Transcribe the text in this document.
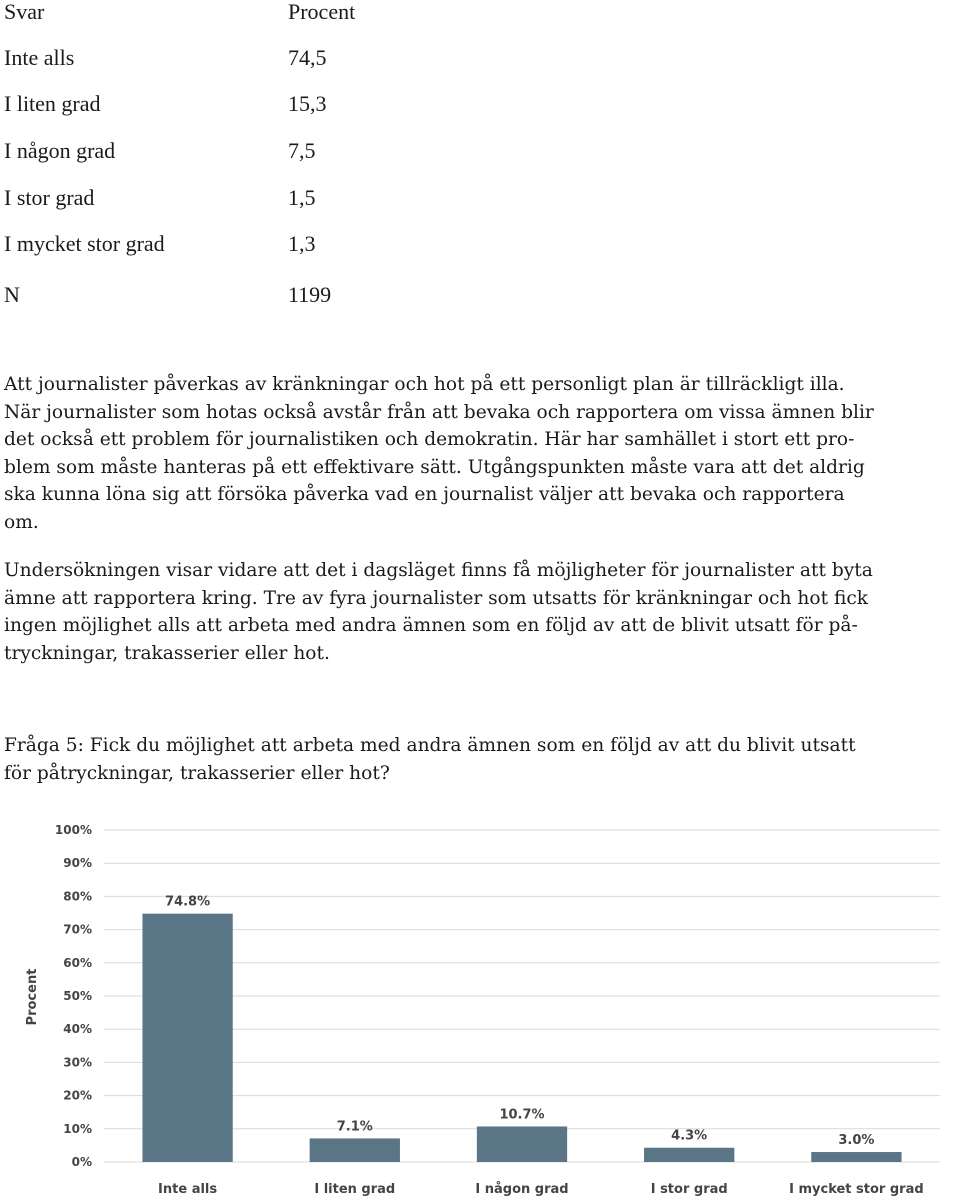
Svar	Procent
Inte alls	74,5
I liten grad	15,3
I någon grad	7,5
I stor grad	1,5
I mycket stor grad	1,3
N	1199

Att journalister påverkas av kränkningar och hot på ett personligt plan är tillräckligt illa.
När journalister som hotas också avstår från att bevaka och rapportera om vissa ämnen blir
det också ett problem för journalistiken och demokratin. Här har samhället i stort ett pro-
blem som måste hanteras på ett effektivare sätt. Utgångspunkten måste vara att det aldrig
ska kunna löna sig att försöka påverka vad en journalist väljer att bevaka och rapportera
om.

Undersökningen visar vidare att det i dagsläget finns få möjligheter för journalister att byta
ämne att rapportera kring. Tre av fyra journalister som utsatts för kränkningar och hot fick
ingen möjlighet alls att arbeta med andra ämnen som en följd av att de blivit utsatt för på-
tryckningar, trakasserier eller hot.

Fråga 5: Fick du möjlighet att arbeta med andra ämnen som en följd av att du blivit utsatt
för påtryckningar, trakasserier eller hot?

0%
10%
20%
30%
40%
50%
60%
70%
80%
90%
100%
74.8%
7.1%
10.7%
4.3%	3.0%
Inte alls	I liten grad	I någon grad	I stor grad	I mycket stor grad
Procent
